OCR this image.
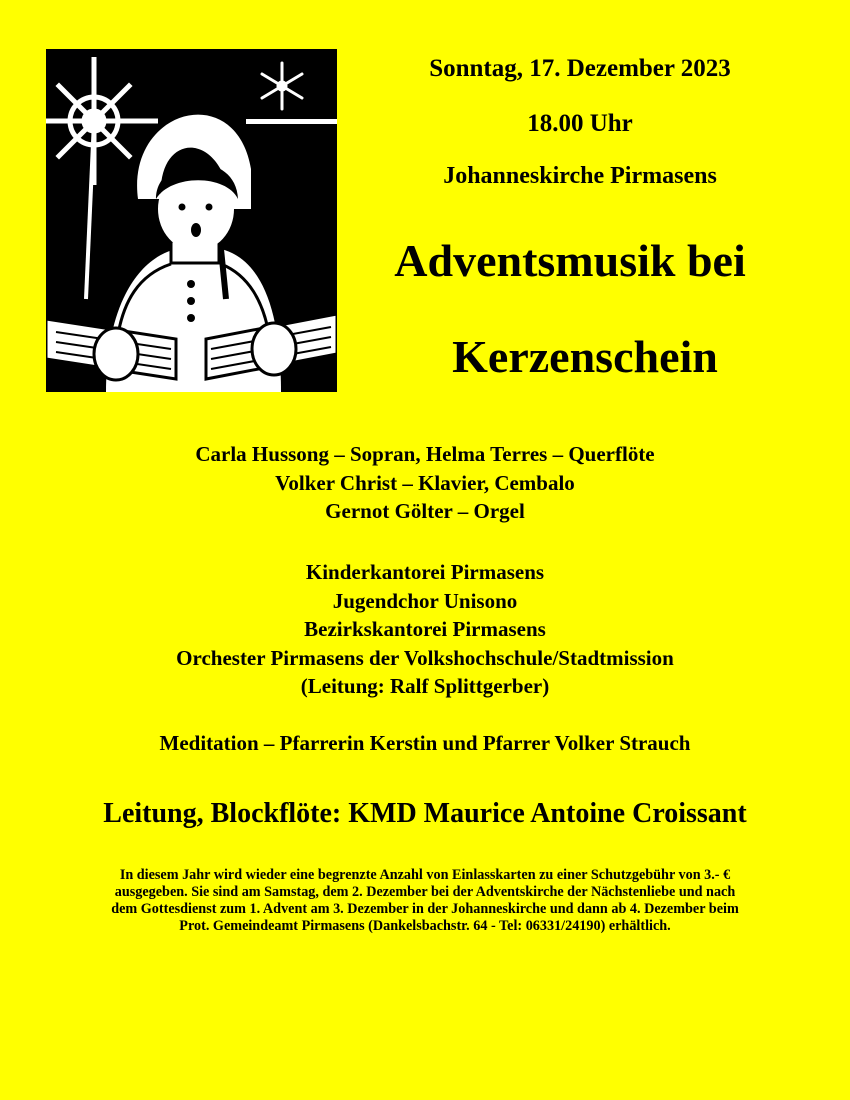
Sonntag, 17. Dezember 2023
18.00 Uhr
Johanneskirche Pirmasens
Adventsmusik bei
Kerzenschein
Carla Hussong – Sopran, Helma Terres – Querflöte
Volker Christ – Klavier, Cembalo
Gernot Gölter – Orgel
Kinderkantorei Pirmasens
Jugendchor Unisono
Bezirkskantorei Pirmasens
Orchester Pirmasens der Volkshochschule/Stadtmission
(Leitung: Ralf Splittgerber)
Meditation – Pfarrerin Kerstin und Pfarrer Volker Strauch
Leitung, Blockflöte: KMD Maurice Antoine Croissant
In diesem Jahr wird wieder eine begrenzte Anzahl von Einlasskarten zu einer Schutzgebühr von 3.- €
ausgegeben. Sie sind am Samstag, dem 2. Dezember bei der Adventskirche der Nächstenliebe und nach
dem Gottesdienst zum 1. Advent am 3. Dezember in der Johanneskirche und dann ab 4. Dezember beim
Prot. Gemeindeamt Pirmasens (Dankelsbachstr. 64 - Tel: 06331/24190) erhältlich.
